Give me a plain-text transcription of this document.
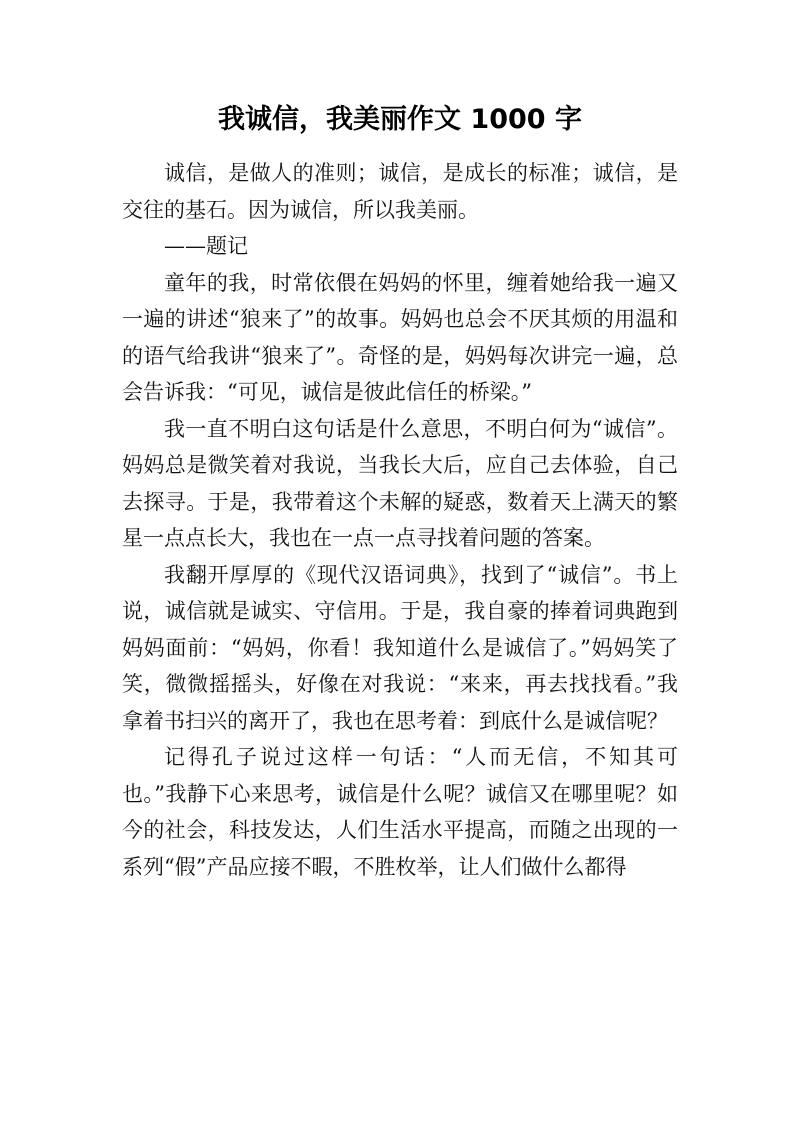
我诚信，我美丽作文 1000 字

诚信，是做人的准则；诚信，是成长的标准；诚信，是交往的基石。因为诚信，所以我美丽。

——题记

童年的我，时常依偎在妈妈的怀里，缠着她给我一遍又一遍的讲述“狼来了”的故事。妈妈也总会不厌其烦的用温和的语气给我讲“狼来了”。奇怪的是，妈妈每次讲完一遍，总会告诉我：“可见，诚信是彼此信任的桥梁。”

我一直不明白这句话是什么意思，不明白何为“诚信”。妈妈总是微笑着对我说，当我长大后，应自己去体验，自己去探寻。于是，我带着这个未解的疑惑，数着天上满天的繁星一点点长大，我也在一点一点寻找着问题的答案。

我翻开厚厚的《现代汉语词典》，找到了“诚信”。书上说，诚信就是诚实、守信用。于是，我自豪的捧着词典跑到妈妈面前：“妈妈，你看！我知道什么是诚信了。”妈妈笑了笑，微微摇摇头，好像在对我说：“来来，再去找找看。”我拿着书扫兴的离开了，我也在思考着：到底什么是诚信呢？

记得孔子说过这样一句话：“人而无信，不知其可也。”我静下心来思考，诚信是什么呢？诚信又在哪里呢？如今的社会，科技发达，人们生活水平提高，而随之出现的一系列“假”产品应接不暇，不胜枚举，让人们做什么都得
